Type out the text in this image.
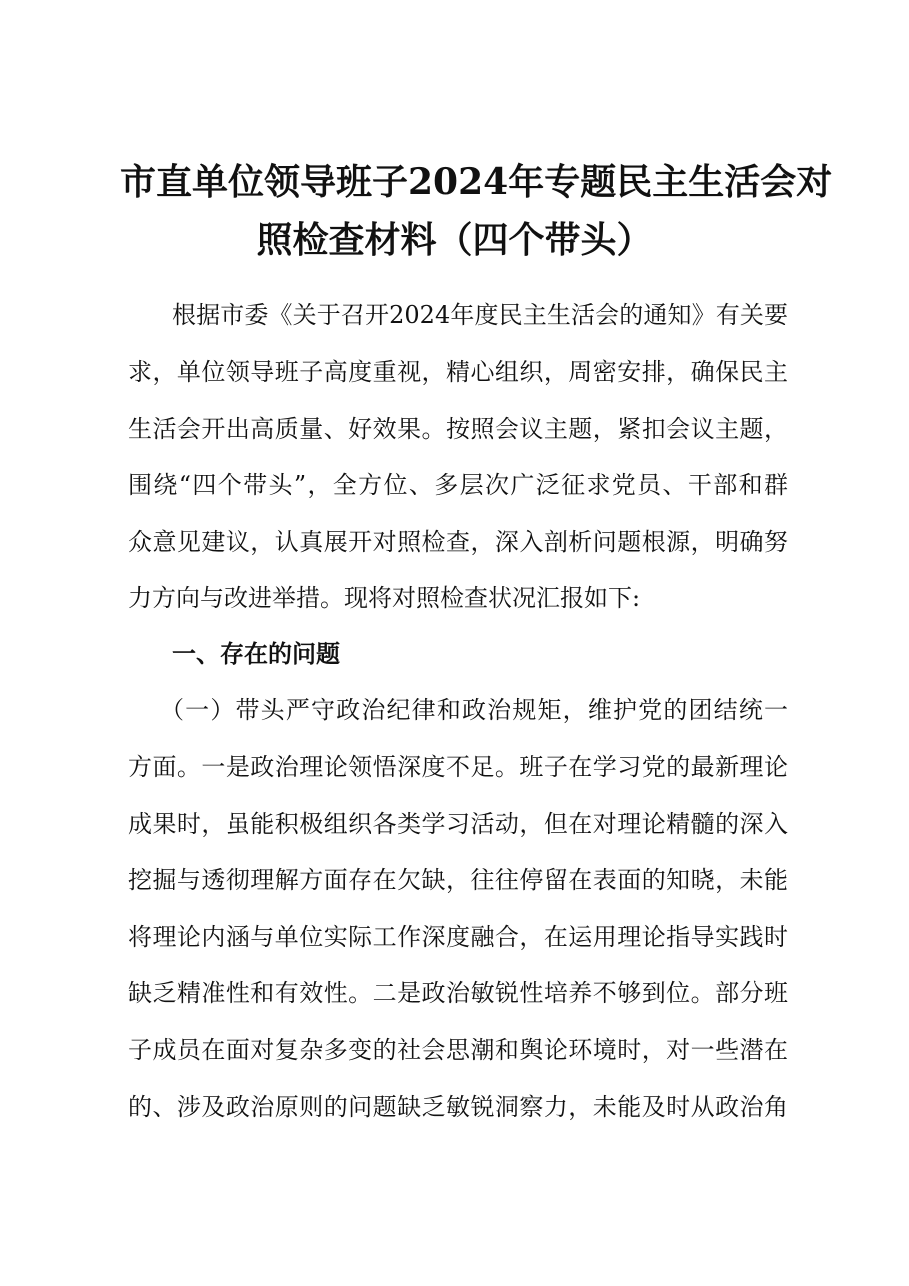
市直单位领导班子2024年专题民主生活会对
照检查材料（四个带头）
根据市委《关于召开2024年度民主生活会的通知》有关要
求，单位领导班子高度重视，精心组织，周密安排，确保民主
生活会开出高质量、好效果。按照会议主题，紧扣会议主题，
围绕“四个带头”，全方位、多层次广泛征求党员、干部和群
众意见建议，认真展开对照检查，深入剖析问题根源，明确努
力方向与改进举措。现将对照检查状况汇报如下:
一、存在的问题
（一）带头严守政治纪律和政治规矩，维护党的团结统一
方面。一是政治理论领悟深度不足。班子在学习党的最新理论
成果时，虽能积极组织各类学习活动，但在对理论精髓的深入
挖掘与透彻理解方面存在欠缺，往往停留在表面的知晓，未能
将理论内涵与单位实际工作深度融合，在运用理论指导实践时
缺乏精准性和有效性。二是政治敏锐性培养不够到位。部分班
子成员在面对复杂多变的社会思潮和舆论环境时，对一些潜在
的、涉及政治原则的问题缺乏敏锐洞察力，未能及时从政治角
